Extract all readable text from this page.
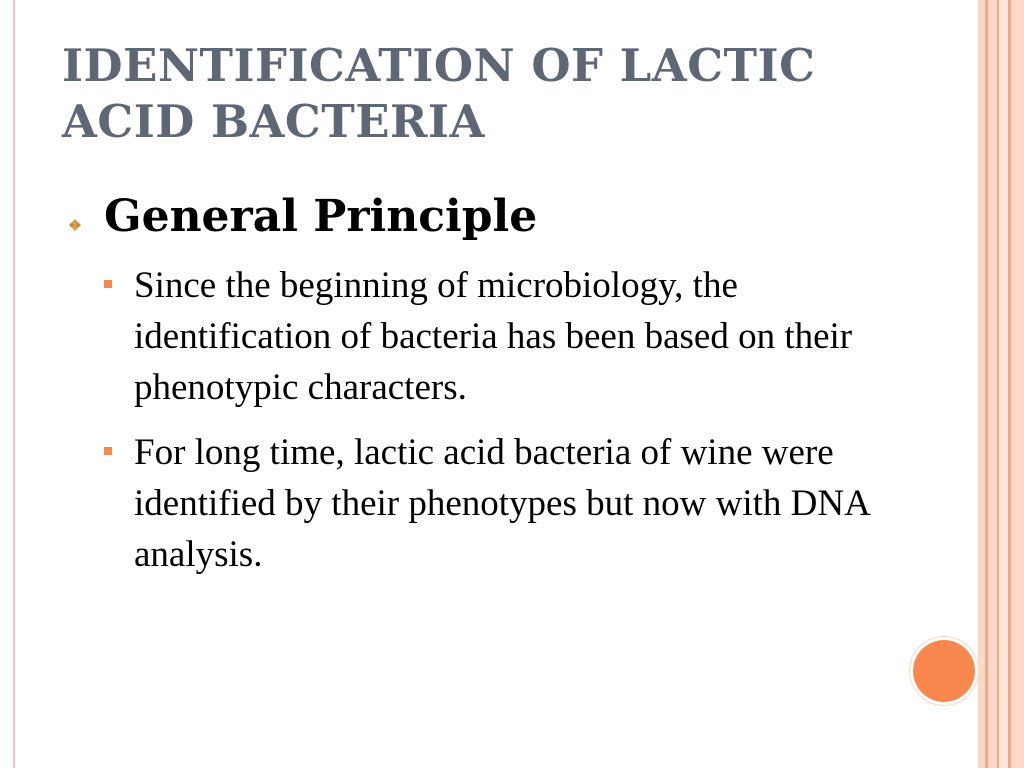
IDENTIFICATION OF LACTIC ACID BACTERIA
General Principle

Since the beginning of microbiology, the identification of bacteria has been based on their phenotypic characters.

For long time, lactic acid bacteria of wine were identified by their phenotypes but now with DNA analysis.
